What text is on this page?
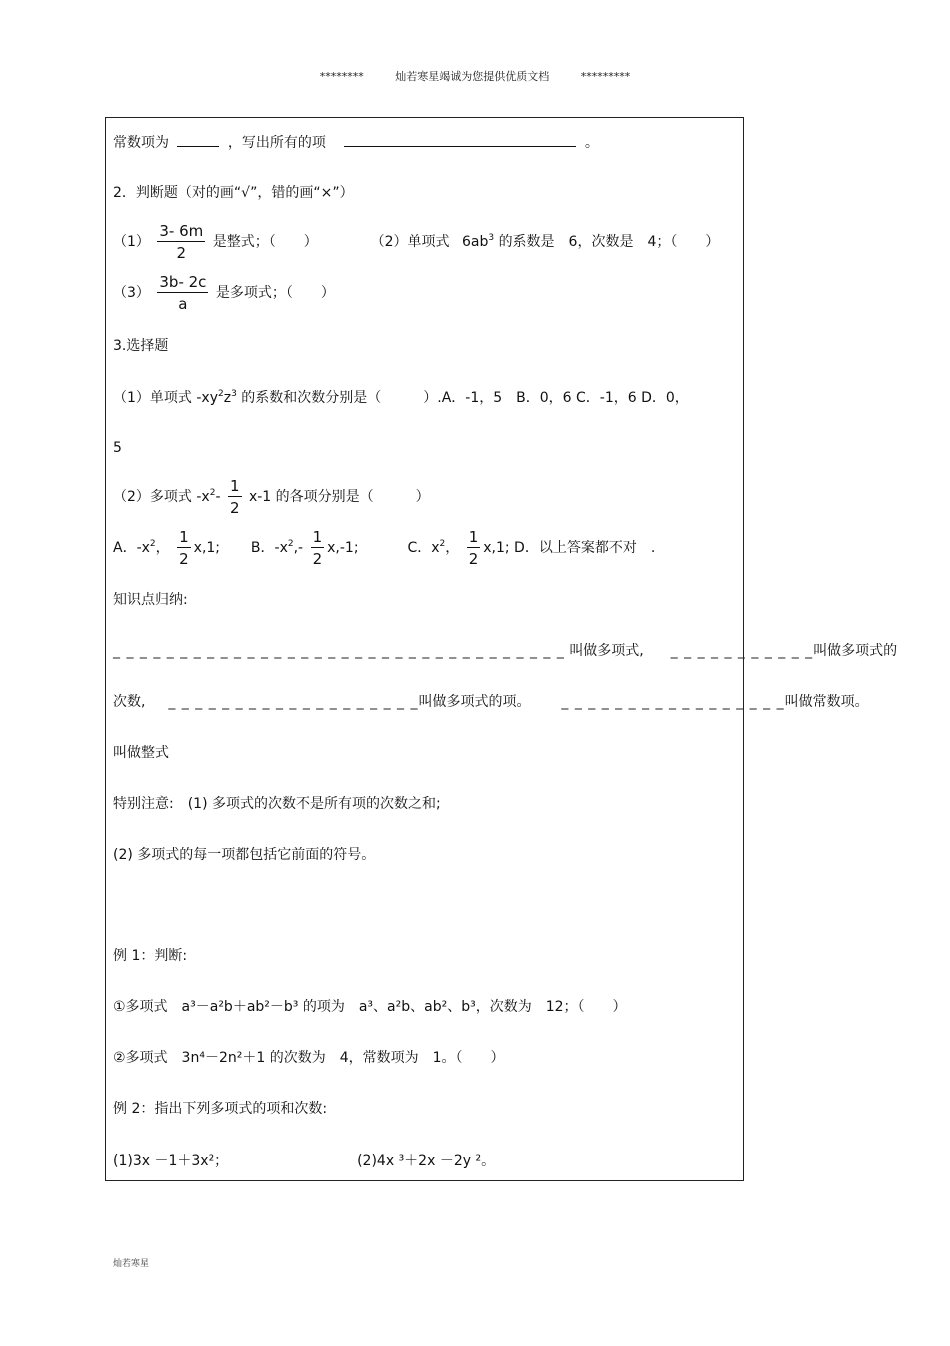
********	灿若寒星竭诚为您提供优质文档	*********
常数项为	，写出所有的项	。
2．判断题（对的画“√”，错的画“×”）
$(1) \frac{3- 6m}{2}$ 是整式；（　　）	（2）单项式 $6ab^3$ 的系数是　6，次数是　4；（　　）
$(3) \frac{3b- 2c}{a}$ 是多项式；（　　）
3.选择题
（1）单项式 $-xy^2z^3$ 的系数和次数分别是（　　　）.A．-1，5　B．0，6 C．-1，6 D．0，
5
（2）多项式 $-x^2- \frac{1}{2} x-1$ 的各项分别是（　　　）
A．$-x^2$， $\frac{1}{2} x,1$; B．$-x^2,- \frac{1}{2} x,-1$;	C．$x^2$， $\frac{1}{2} x,1$; D．以上答案都不对　.
知识点归纳:
_ _ _ _ _ _ _ _ _ _ _ _ _ _ _ _ _ _ _ _ _ _ _ _ _ _ _ _ _ _ _ _ _ _ 叫做多项式, _ _ _ _ _ _ _ _ _ _ _叫做多项式的
次数, _ _ _ _ _ _ _ _ _ _ _ _ _ _ _ _ _ _ _叫做多项式的项。 _ _ _ _ _ _ _ _ _ _ _ _ _ _ _ _ _叫做常数项。
叫做整式
特别注意:　(1) 多项式的次数不是所有项的次数之和;
(2) 多项式的每一项都包括它前面的符号。
例 1：判断:
①多项式　a³－a²b＋ab²－b³ 的项为　a³、a²b、ab²、b³，次数为　12；（　　）
②多项式　3n⁴－2n²＋1 的次数为　4，常数项为　1。（　　）
例 2：指出下列多项式的项和次数:
(1)3x －1＋3x²；	(2)4x ³＋2x －2y ²。
灿若寒星
